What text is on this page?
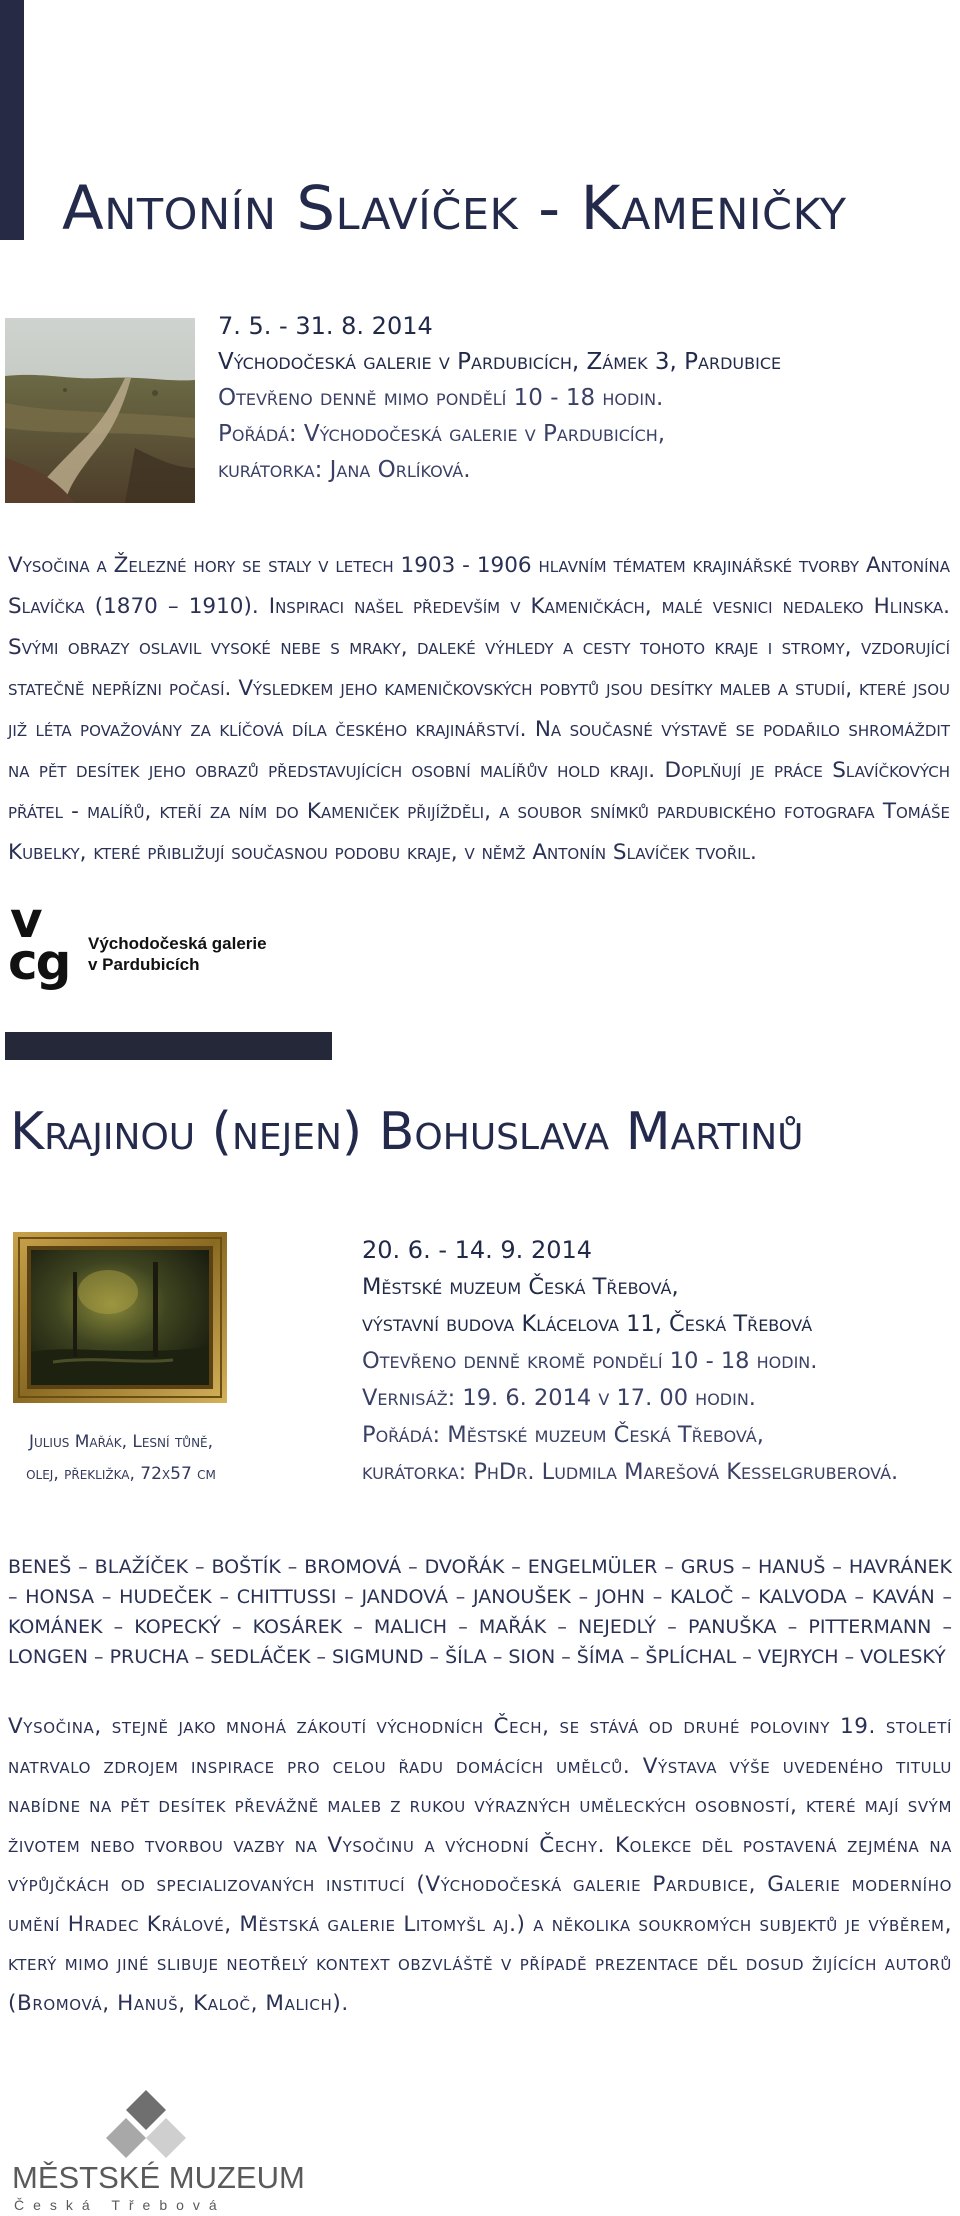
Antonín Slavíček - Kameničky
7. 5. - 31. 8. 2014
Východočeská galerie v Pardubicích, Zámek 3, Pardubice
Otevřeno denně mimo pondělí 10 - 18 hodin.
Pořádá: Východočeská galerie v Pardubicích,
kurátorka: Jana Orlíková.

Vysočina a Železné hory se staly v letech 1903 - 1906 hlavním tématem krajinářské tvorby Antonína Slavíčka (1870 – 1910). Inspiraci našel především v Kameničkách, malé vesnici nedaleko Hlinska. Svými obrazy oslavil vysoké nebe s mraky, daleké výhledy a cesty tohoto kraje i stromy, vzdorující statečně nepřízni počasí. Výsledkem jeho kameničkovských pobytů jsou desítky maleb a studií, které jsou již léta považovány za klíčová díla českého krajinářství. Na současné výstavě se podařilo shromáždit na pět desítek jeho obrazů představujících osobní malířův hold kraji. Doplňují je práce Slavíčkových přátel - malířů, kteří za ním do Kameniček přijížděli, a soubor snímků pardubického fotografa Tomáše Kubelky, které přibližují současnou podobu kraje, v němž Antonín Slavíček tvořil.

v
cg Východočeská galerie
v Pardubicích
Krajinou (nejen) Bohuslava Martinů
Julius Mařák, Lesní tůně,
olej, překližka, 72x57 cm
20. 6. - 14. 9. 2014
Městské muzeum Česká Třebová,
výstavní budova Klácelova 11, Česká Třebová
Otevřeno denně kromě pondělí 10 - 18 hodin.
Vernisáž: 19. 6. 2014 v 17. 00 hodin.
Pořádá: Městské muzeum Česká Třebová,
kurátorka: PhDr. Ludmila Marešová Kesselgruberová.

BENEŠ – BLAŽÍČEK – BOŠTÍK – BROMOVÁ – DVOŘÁK – ENGELMÜLER – GRUS – HANUŠ – HAVRÁNEK – HONSA – HUDEČEK – CHITTUSSI – JANDOVÁ – JANOUŠEK – JOHN – KALOČ – KALVODA – KAVÁN – KOMÁNEK – KOPECKÝ – KOSÁREK – MALICH – MAŘÁK – NEJEDLÝ – PANUŠKA – PITTERMANN – LONGEN – PRUCHA – SEDLÁČEK – SIGMUND – ŠÍLA – SION – ŠÍMA – ŠPLÍCHAL – VEJRYCH – VOLESKÝ

Vysočina, stejně jako mnohá zákoutí východních Čech, se stává od druhé poloviny 19. století natrvalo zdrojem inspirace pro celou řadu domácích umělců. Výstava výše uvedeného titulu nabídne na pět desítek převážně maleb z rukou výrazných uměleckých osobností, které mají svým životem nebo tvorbou vazby na Vysočinu a východní Čechy. Kolekce děl postavená zejména na výpůjčkách od specializovaných institucí (Východočeská galerie Pardubice, Galerie moderního umění Hradec Králové, Městská galerie Litomyšl aj.) a několika soukromých subjektů je výběrem, který mimo jiné slibuje neotřelý kontext obzvláště v případě prezentace děl dosud žijících autorů (Bromová, Hanuš, Kaloč, Malich).

MĚSTSKÉ MUZEUM
Česká Třebová
